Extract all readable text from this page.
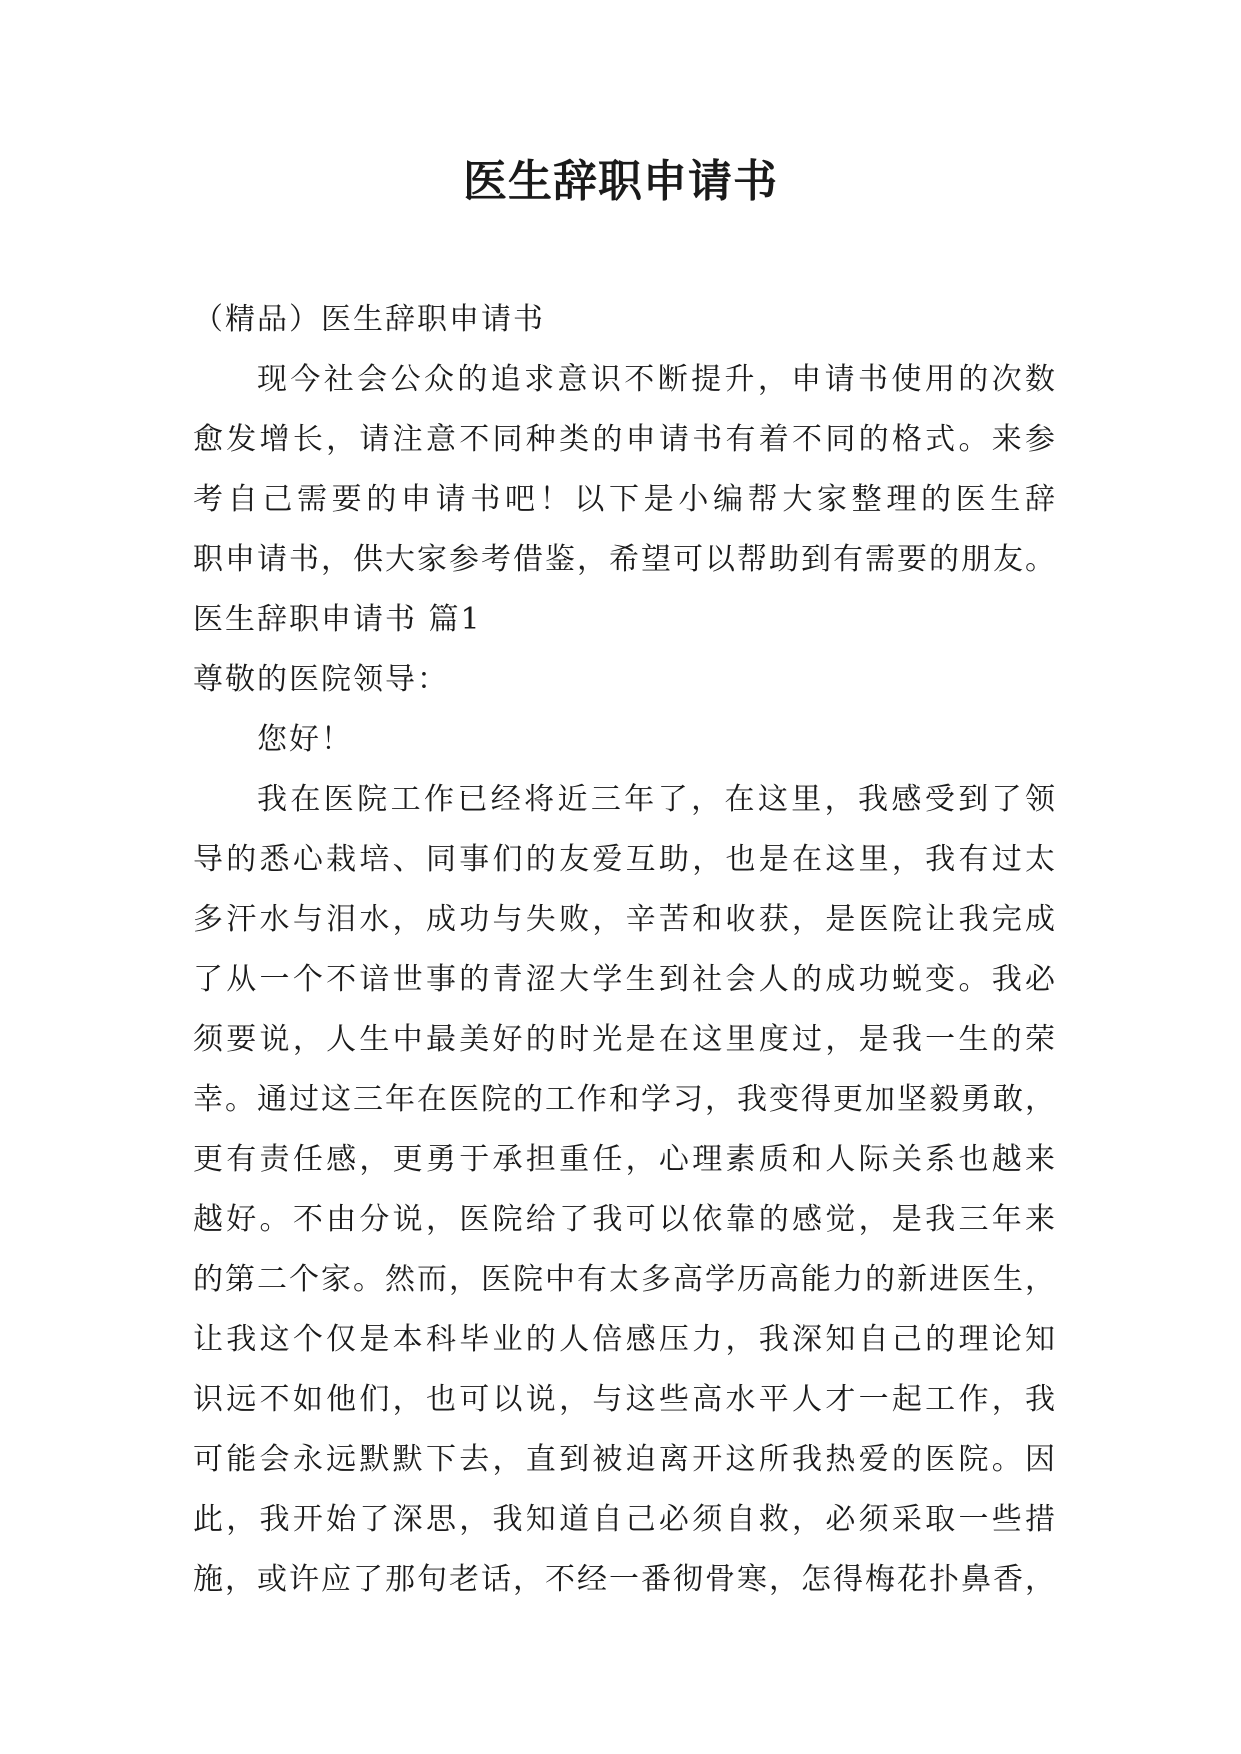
医生辞职申请书

（精品）医生辞职申请书

现今社会公众的追求意识不断提升，申请书使用的次数

愈发增长，请注意不同种类的申请书有着不同的格式。来参

考自己需要的申请书吧！以下是小编帮大家整理的医生辞

职申请书，供大家参考借鉴，希望可以帮助到有需要的朋友。

医生辞职申请书 篇1

尊敬的医院领导：

您好！

我在医院工作已经将近三年了，在这里，我感受到了领

导的悉心栽培、同事们的友爱互助，也是在这里，我有过太

多汗水与泪水，成功与失败，辛苦和收获，是医院让我完成

了从一个不谙世事的青涩大学生到社会人的成功蜕变。我必

须要说，人生中最美好的时光是在这里度过，是我一生的荣

幸。通过这三年在医院的工作和学习，我变得更加坚毅勇敢，

更有责任感，更勇于承担重任，心理素质和人际关系也越来

越好。不由分说，医院给了我可以依靠的感觉，是我三年来

的第二个家。然而，医院中有太多高学历高能力的新进医生，

让我这个仅是本科毕业的人倍感压力，我深知自己的理论知

识远不如他们，也可以说，与这些高水平人才一起工作，我

可能会永远默默下去，直到被迫离开这所我热爱的医院。因

此，我开始了深思，我知道自己必须自救，必须采取一些措

施，或许应了那句老话，不经一番彻骨寒，怎得梅花扑鼻香，
